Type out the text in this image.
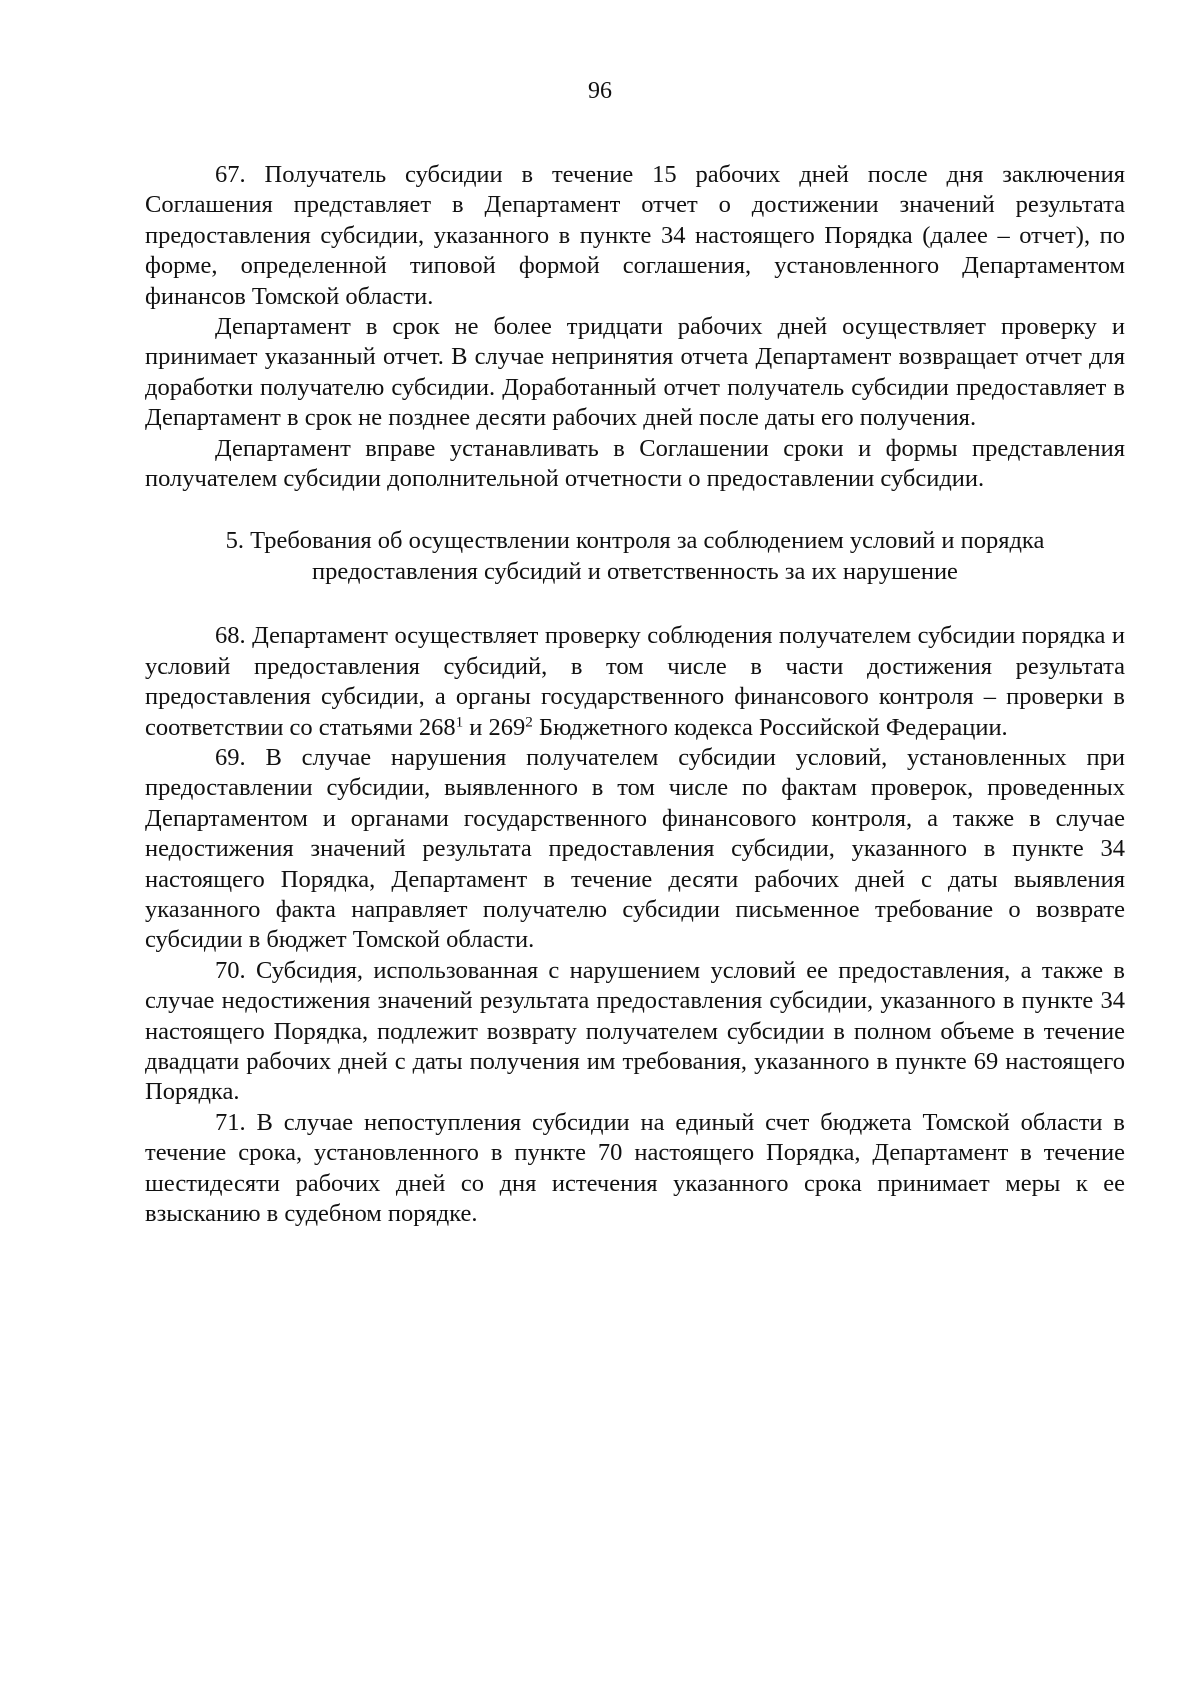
96

67. Получатель субсидии в течение 15 рабочих дней после дня заключения Соглашения представляет в Департамент отчет о достижении значений результата предоставления субсидии, указанного в пункте 34 настоящего Порядка (далее – отчет), по форме, определенной типовой формой соглашения, установленного Департаментом финансов Томской области.

Департамент в срок не более тридцати рабочих дней осуществляет проверку и принимает указанный отчет. В случае непринятия отчета Департамент возвращает отчет для доработки получателю субсидии. Доработанный отчет получатель субсидии предоставляет в Департамент в срок не позднее десяти рабочих дней после даты его получения.

Департамент вправе устанавливать в Соглашении сроки и формы представления получателем субсидии дополнительной отчетности о предоставлении субсидии.

5. Требования об осуществлении контроля за соблюдением условий и порядка
предоставления субсидий и ответственность за их нарушение

68. Департамент осуществляет проверку соблюдения получателем субсидии порядка и условий предоставления субсидий, в том числе в части достижения результата предоставления субсидии, а органы государственного финансового контроля – проверки в соответствии со статьями $268^1$ и $269^2$ Бюджетного кодекса Российской Федерации.

69. В случае нарушения получателем субсидии условий, установленных при предоставлении субсидии, выявленного в том числе по фактам проверок, проведенных Департаментом и органами государственного финансового контроля, а также в случае недостижения значений результата предоставления субсидии, указанного в пункте 34 настоящего Порядка, Департамент в течение десяти рабочих дней с даты выявления указанного факта направляет получателю субсидии письменное требование о возврате субсидии в бюджет Томской области.

70. Субсидия, использованная с нарушением условий ее предоставления, а также в случае недостижения значений результата предоставления субсидии, указанного в пункте 34 настоящего Порядка, подлежит возврату получателем субсидии в полном объеме в течение двадцати рабочих дней с даты получения им требования, указанного в пункте 69 настоящего Порядка.

71. В случае непоступления субсидии на единый счет бюджета Томской области в течение срока, установленного в пункте 70 настоящего Порядка, Департамент в течение шестидесяти рабочих дней со дня истечения указанного срока принимает меры к ее взысканию в судебном порядке.
